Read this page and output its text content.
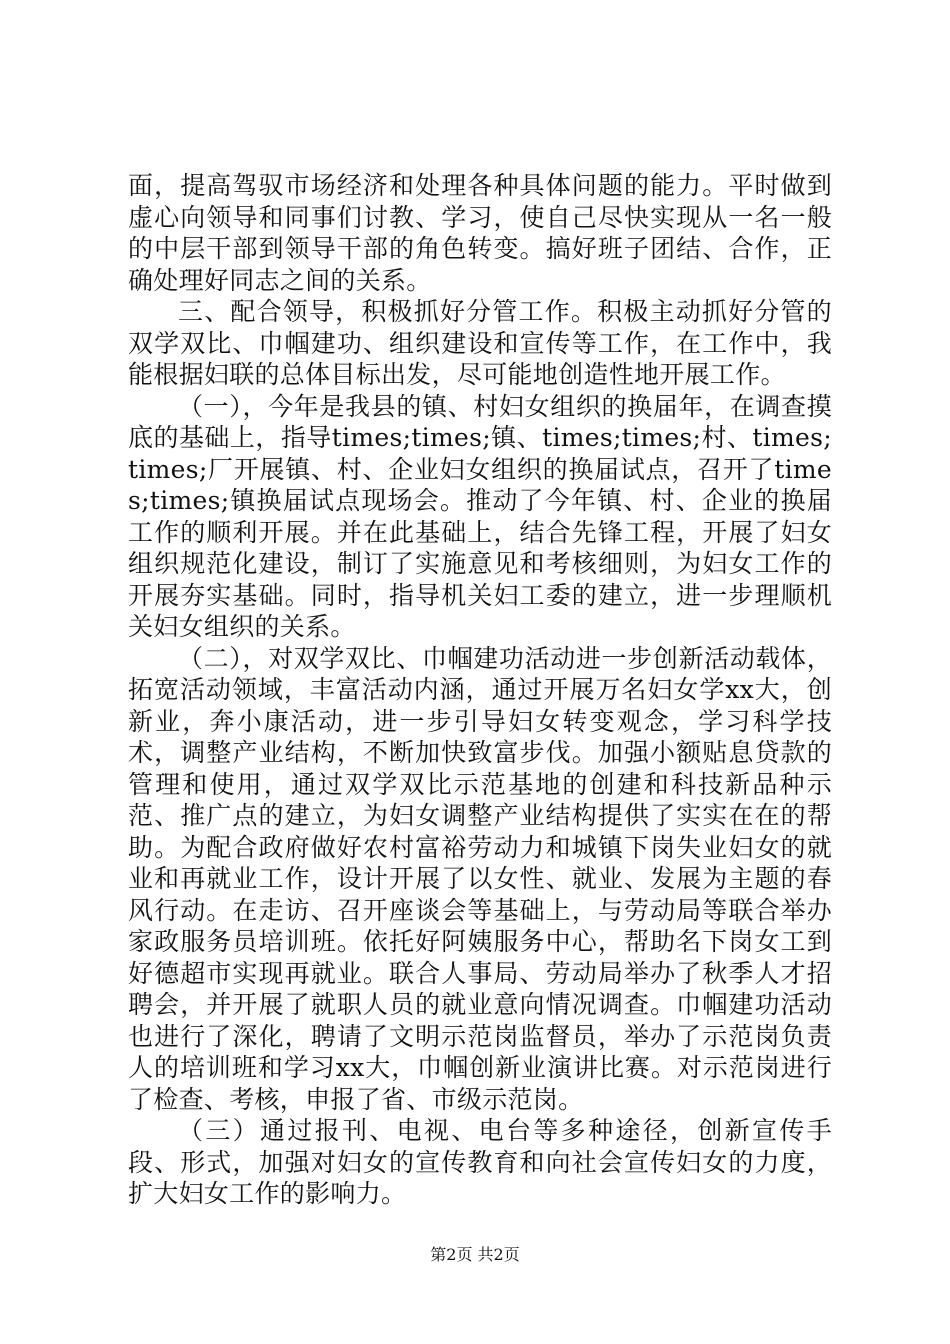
面，提高驾驭市场经济和处理各种具体问题的能力。平时做到虚心向领导和同事们讨教、学习，使自己尽快实现从一名一般的中层干部到领导干部的角色转变。搞好班子团结、合作，正确处理好同志之间的关系。

三、配合领导，积极抓好分管工作。积极主动抓好分管的双学双比、巾帼建功、组织建设和宣传等工作，在工作中，我能根据妇联的总体目标出发，尽可能地创造性地开展工作。

（一），今年是我县的镇、村妇女组织的换届年，在调查摸底的基础上，指导times;times;镇、times;times;村、times;times;厂开展镇、村、企业妇女组织的换届试点，召开了times;times;镇换届试点现场会。推动了今年镇、村、企业的换届工作的顺利开展。并在此基础上，结合先锋工程，开展了妇女组织规范化建设，制订了实施意见和考核细则，为妇女工作的开展夯实基础。同时，指导机关妇工委的建立，进一步理顺机关妇女组织的关系。

（二），对双学双比、巾帼建功活动进一步创新活动载体，拓宽活动领域，丰富活动内涵，通过开展万名妇女学xx大，创新业，奔小康活动，进一步引导妇女转变观念，学习科学技术，调整产业结构，不断加快致富步伐。加强小额贴息贷款的管理和使用，通过双学双比示范基地的创建和科技新品种示范、推广点的建立，为妇女调整产业结构提供了实实在在的帮助。为配合政府做好农村富裕劳动力和城镇下岗失业妇女的就业和再就业工作，设计开展了以女性、就业、发展为主题的春风行动。在走访、召开座谈会等基础上，与劳动局等联合举办家政服务员培训班。依托好阿姨服务中心，帮助名下岗女工到好德超市实现再就业。联合人事局、劳动局举办了秋季人才招聘会，并开展了就职人员的就业意向情况调查。巾帼建功活动也进行了深化，聘请了文明示范岗监督员，举办了示范岗负责人的培训班和学习xx大，巾帼创新业演讲比赛。对示范岗进行了检查、考核，申报了省、市级示范岗。

（三）通过报刊、电视、电台等多种途径，创新宣传手段、形式，加强对妇女的宣传教育和向社会宣传妇女的力度，扩大妇女工作的影响力。

第2页 共2页
